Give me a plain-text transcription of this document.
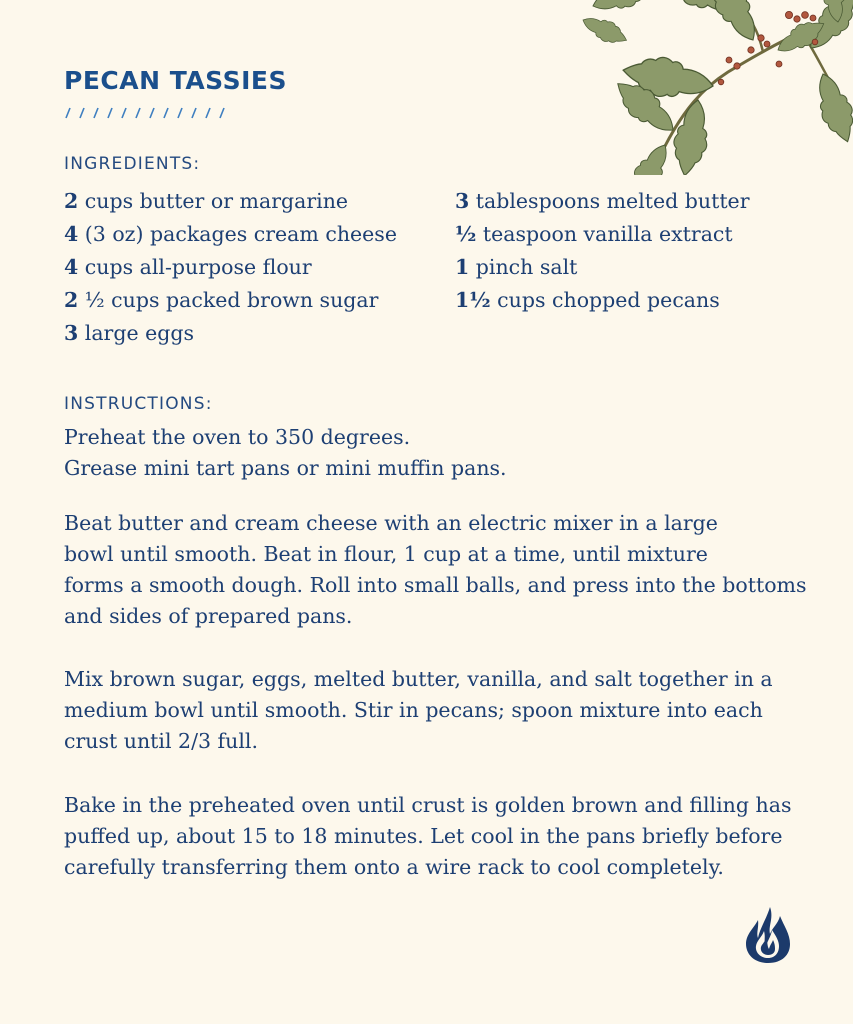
PECAN TASSIES

INGREDIENTS:

2 cups butter or margarine
4 (3 oz) packages cream cheese
4 cups all-purpose flour
2 ½ cups packed brown sugar
3 large eggs
3 tablespoons melted butter
½ teaspoon vanilla extract
1 pinch salt
1½ cups chopped pecans

INSTRUCTIONS:

Preheat the oven to 350 degrees.
Grease mini tart pans or mini muffin pans.

Beat butter and cream cheese with an electric mixer in a large
bowl until smooth. Beat in flour, 1 cup at a time, until mixture
forms a smooth dough. Roll into small balls, and press into the bottoms
and sides of prepared pans.

Mix brown sugar, eggs, melted butter, vanilla, and salt together in a
medium bowl until smooth. Stir in pecans; spoon mixture into each
crust until 2/3 full.

Bake in the preheated oven until crust is golden brown and filling has
puffed up, about 15 to 18 minutes. Let cool in the pans briefly before
carefully transferring them onto a wire rack to cool completely.
